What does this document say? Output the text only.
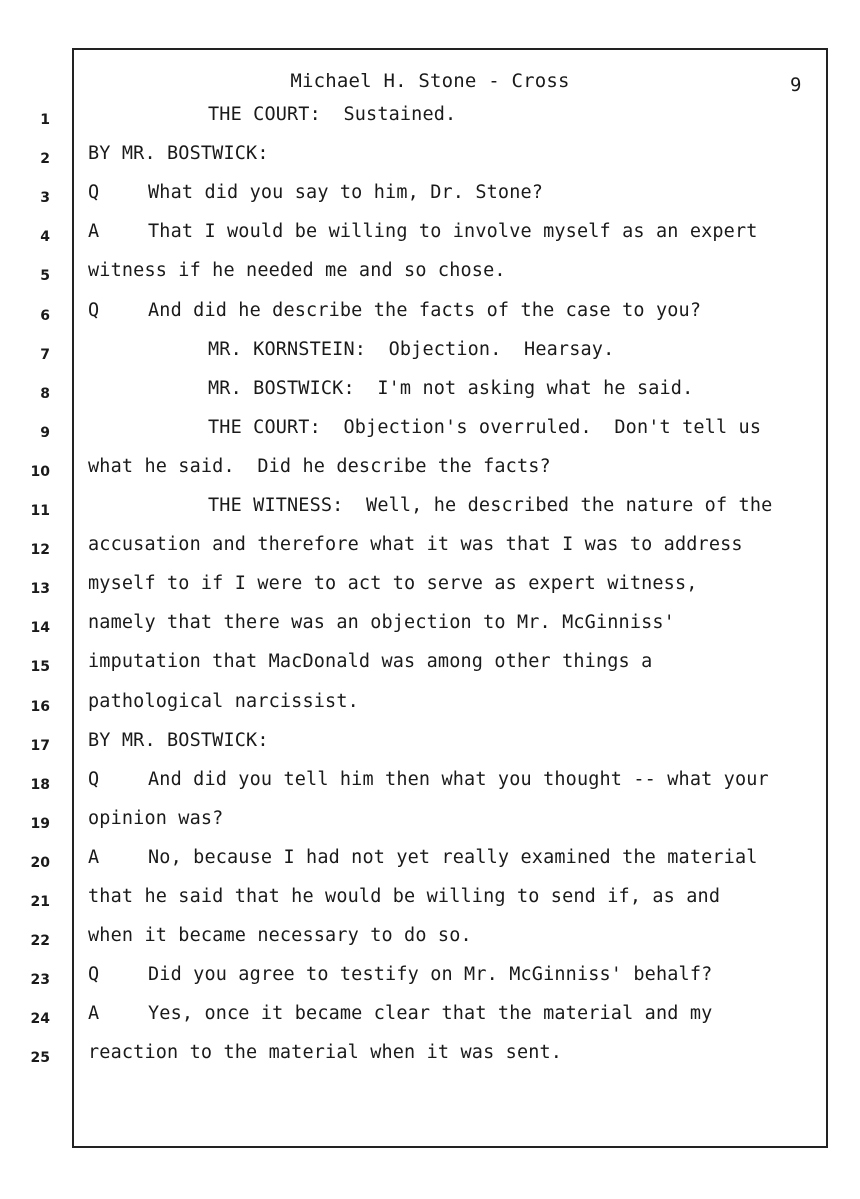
Michael H. Stone - Cross	9
1	THE COURT:  Sustained.
2 BY MR. BOSTWICK:
3 Q	What did you say to him, Dr. Stone?
4 A	That I would be willing to involve myself as an expert
5 witness if he needed me and so chose.
6 Q	And did he describe the facts of the case to you?
7	MR. KORNSTEIN:  Objection.  Hearsay.
8	MR. BOSTWICK:  I'm not asking what he said.
9	THE COURT:  Objection's overruled.  Don't tell us
10 what he said.  Did he describe the facts?
11	THE WITNESS:  Well, he described the nature of the
12 accusation and therefore what it was that I was to address
13 myself to if I were to act to serve as expert witness,
14 namely that there was an objection to Mr. McGinniss'
15 imputation that MacDonald was among other things a
16 pathological narcissist.
17 BY MR. BOSTWICK:
18 Q	And did you tell him then what you thought -- what your
19 opinion was?
20 A	No, because I had not yet really examined the material
21 that he said that he would be willing to send if, as and
22 when it became necessary to do so.
23 Q	Did you agree to testify on Mr. McGinniss' behalf?
24 A	Yes, once it became clear that the material and my
25 reaction to the material when it was sent.
